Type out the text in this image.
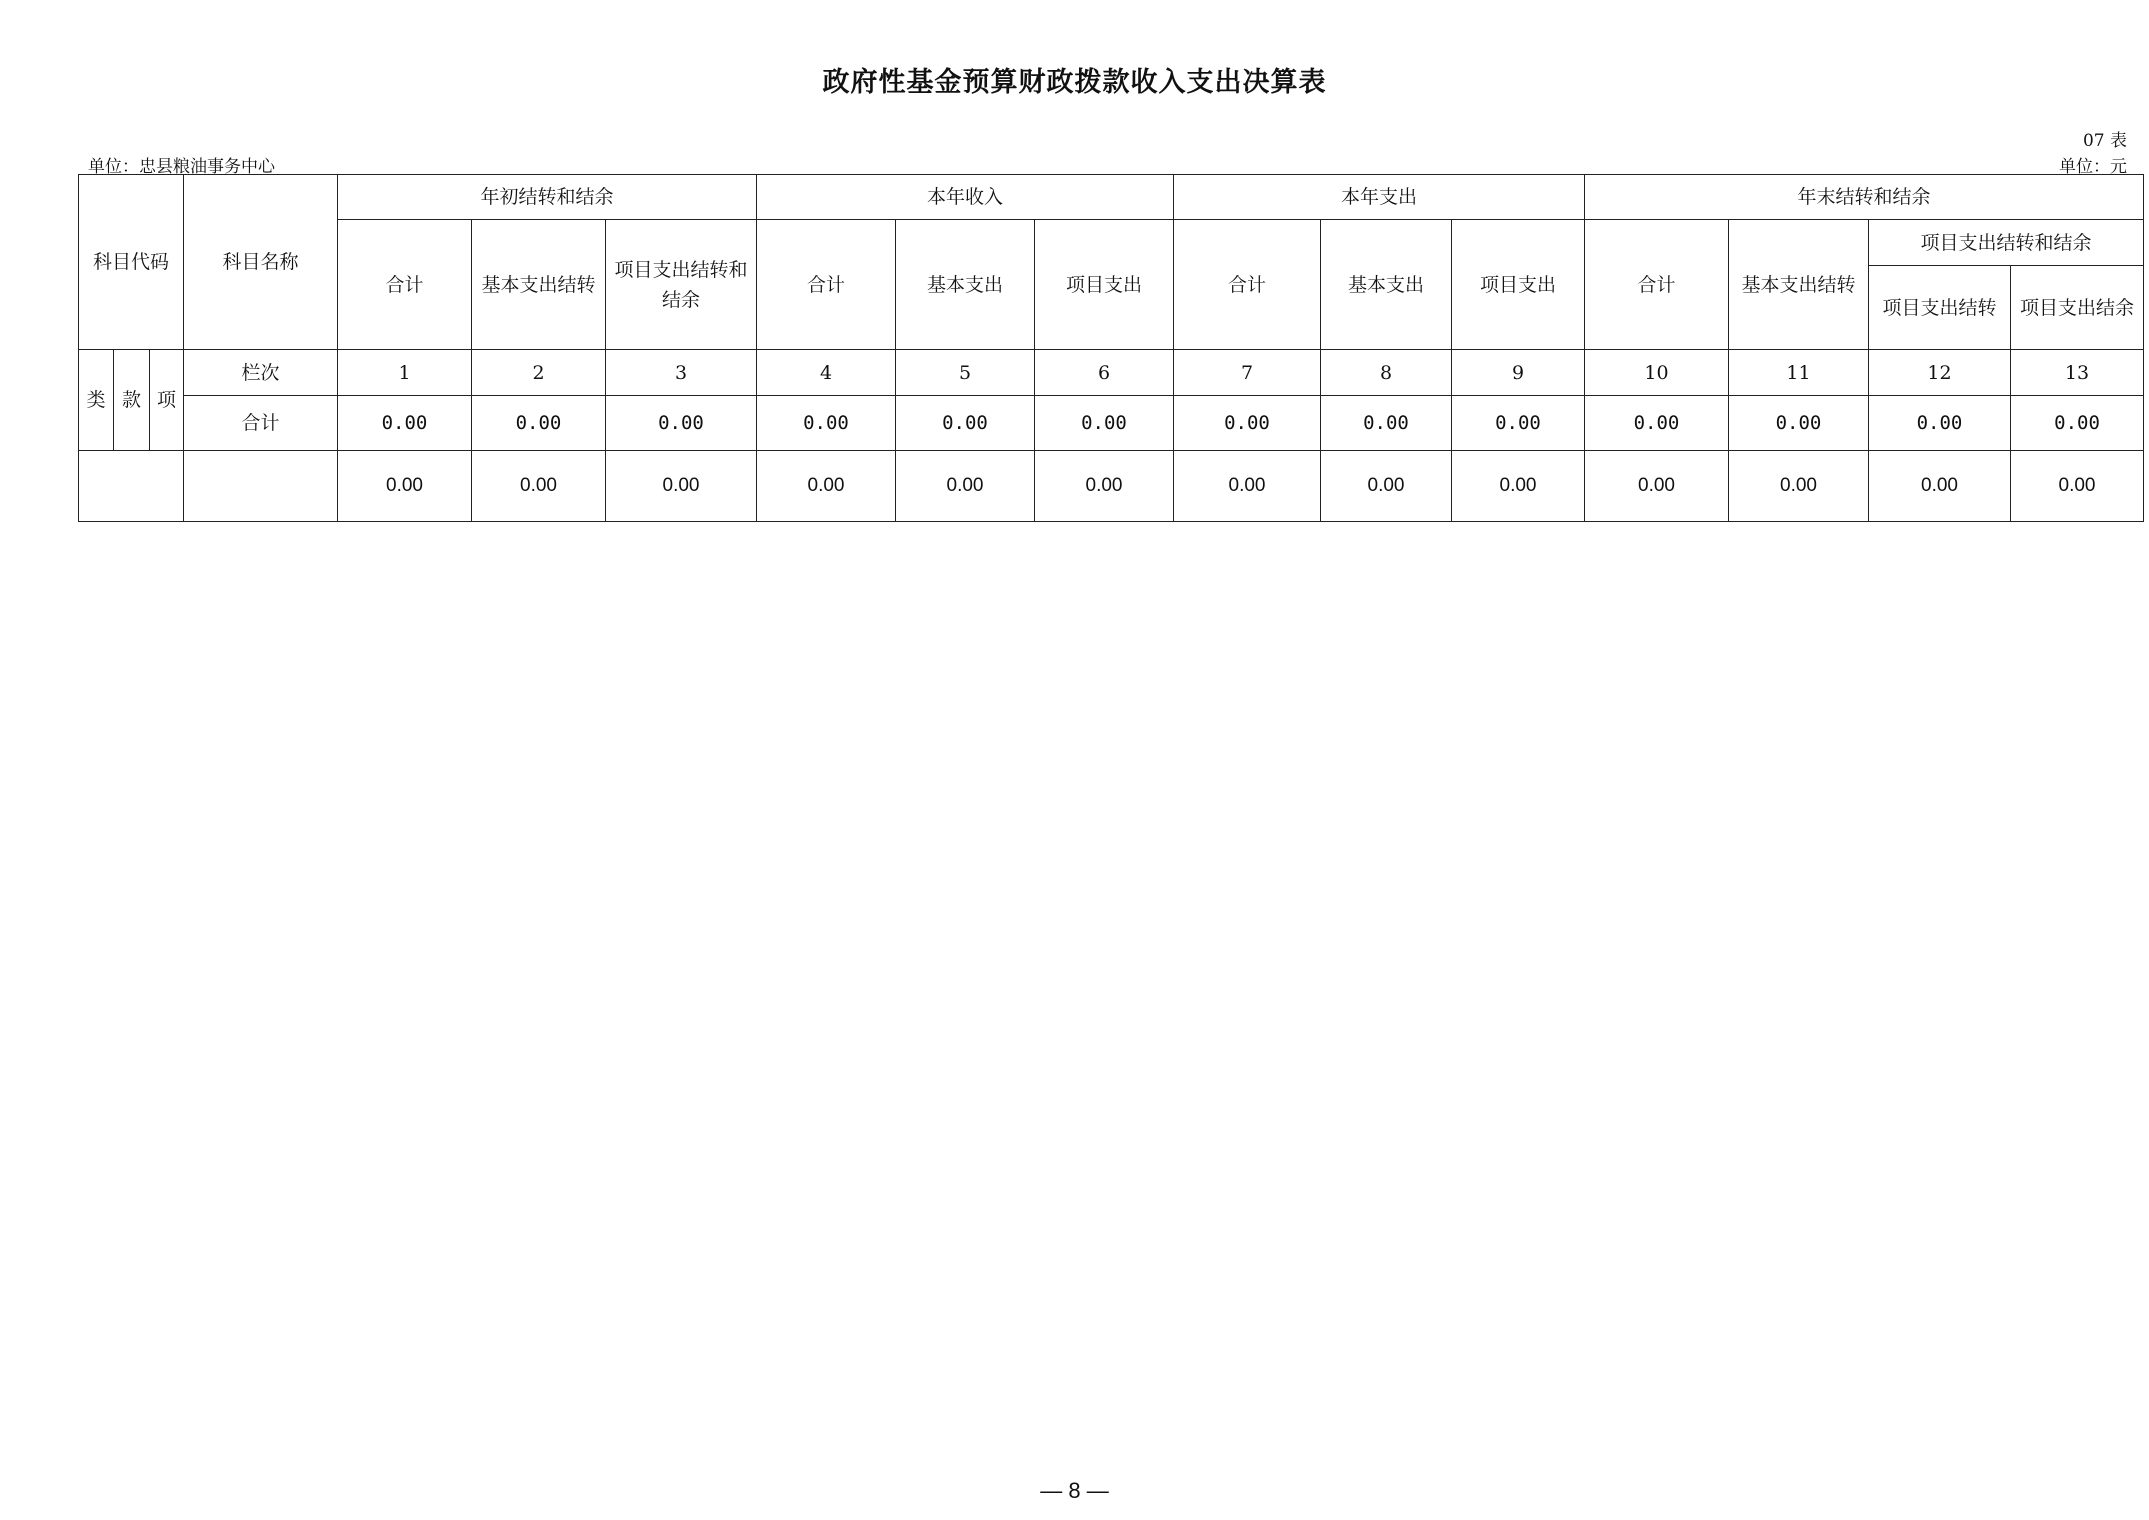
政府性基金预算财政拨款收入支出决算表
07 表
单位：忠县粮油事务中心	单位：元
科目代码			科目名称	年初结转和结余			本年收入			本年支出			年末结转和结余			
				合计	基本支出结转	项目支出结转和结余	合计	基本支出	项目支出	合计	基本支出	项目支出	合计	基本支出结转	项目支出结转和结余	
															项目支出结转	项目支出结余
类	款	项	栏次	1	2	3	4	5	6	7	8	9	10	11	12	13
			合计	0.00	0.00	0.00	0.00	0.00	0.00	0.00	0.00	0.00	0.00	0.00	0.00	0.00
				0.00	0.00	0.00	0.00	0.00	0.00	0.00	0.00	0.00	0.00	0.00	0.00	0.00
— 8 —
